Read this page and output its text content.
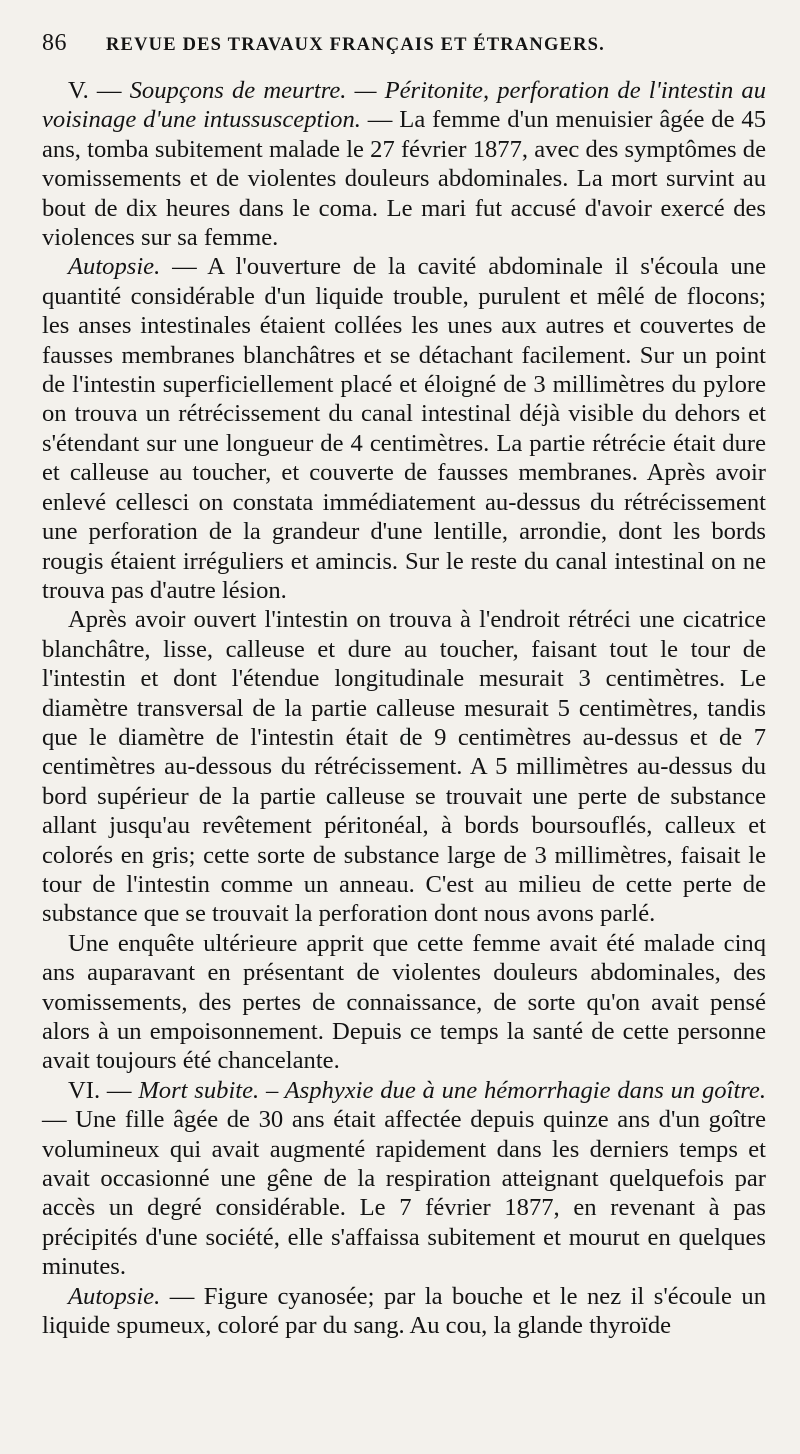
86	REVUE DES TRAVAUX FRANÇAIS ET ÉTRANGERS.

V. — Soupçons de meurtre. — Péritonite, perforation de l'intestin au voisinage d'une intussusception. — La femme d'un menuisier âgée de 45 ans, tomba subitement malade le 27 février 1877, avec des symptômes de vomissements et de violentes douleurs abdominales. La mort survint au bout de dix heures dans le coma. Le mari fut accusé d'avoir exercé des violences sur sa femme.

Autopsie. — A l'ouverture de la cavité abdominale il s'écoula une quantité considérable d'un liquide trouble, purulent et mêlé de flocons; les anses intestinales étaient collées les unes aux autres et couvertes de fausses membranes blanchâtres et se détachant facilement. Sur un point de l'intestin superficiellement placé et éloigné de 3 millimètres du pylore on trouva un rétrécissement du canal intestinal déjà visible du dehors et s'étendant sur une longueur de 4 centimètres. La partie rétrécie était dure et calleuse au toucher, et couverte de fausses membranes. Après avoir enlevé cellesci on constata immédiatement au-dessus du rétrécissement une perforation de la grandeur d'une lentille, arrondie, dont les bords rougis étaient irréguliers et amincis. Sur le reste du canal intestinal on ne trouva pas d'autre lésion.

Après avoir ouvert l'intestin on trouva à l'endroit rétréci une cicatrice blanchâtre, lisse, calleuse et dure au toucher, faisant tout le tour de l'intestin et dont l'étendue longitudinale mesurait 3 centimètres. Le diamètre transversal de la partie calleuse mesurait 5 centimètres, tandis que le diamètre de l'intestin était de 9 centimètres au-dessus et de 7 centimètres au-dessous du rétrécissement. A 5 millimètres au-dessus du bord supérieur de la partie calleuse se trouvait une perte de substance allant jusqu'au revêtement péritonéal, à bords boursouflés, calleux et colorés en gris; cette sorte de substance large de 3 millimètres, faisait le tour de l'intestin comme un anneau. C'est au milieu de cette perte de substance que se trouvait la perforation dont nous avons parlé.

Une enquête ultérieure apprit que cette femme avait été malade cinq ans auparavant en présentant de violentes douleurs abdominales, des vomissements, des pertes de connaissance, de sorte qu'on avait pensé alors à un empoisonnement. Depuis ce temps la santé de cette personne avait toujours été chancelante.

VI. — Mort subite. – Asphyxie due à une hémorrhagie dans un goître. — Une fille âgée de 30 ans était affectée depuis quinze ans d'un goître volumineux qui avait augmenté rapidement dans les derniers temps et avait occasionné une gêne de la respiration atteignant quelquefois par accès un degré considérable. Le 7 février 1877, en revenant à pas précipités d'une société, elle s'affaissa subitement et mourut en quelques minutes.

Autopsie. — Figure cyanosée; par la bouche et le nez il s'écoule un liquide spumeux, coloré par du sang. Au cou, la glande thyroïde
